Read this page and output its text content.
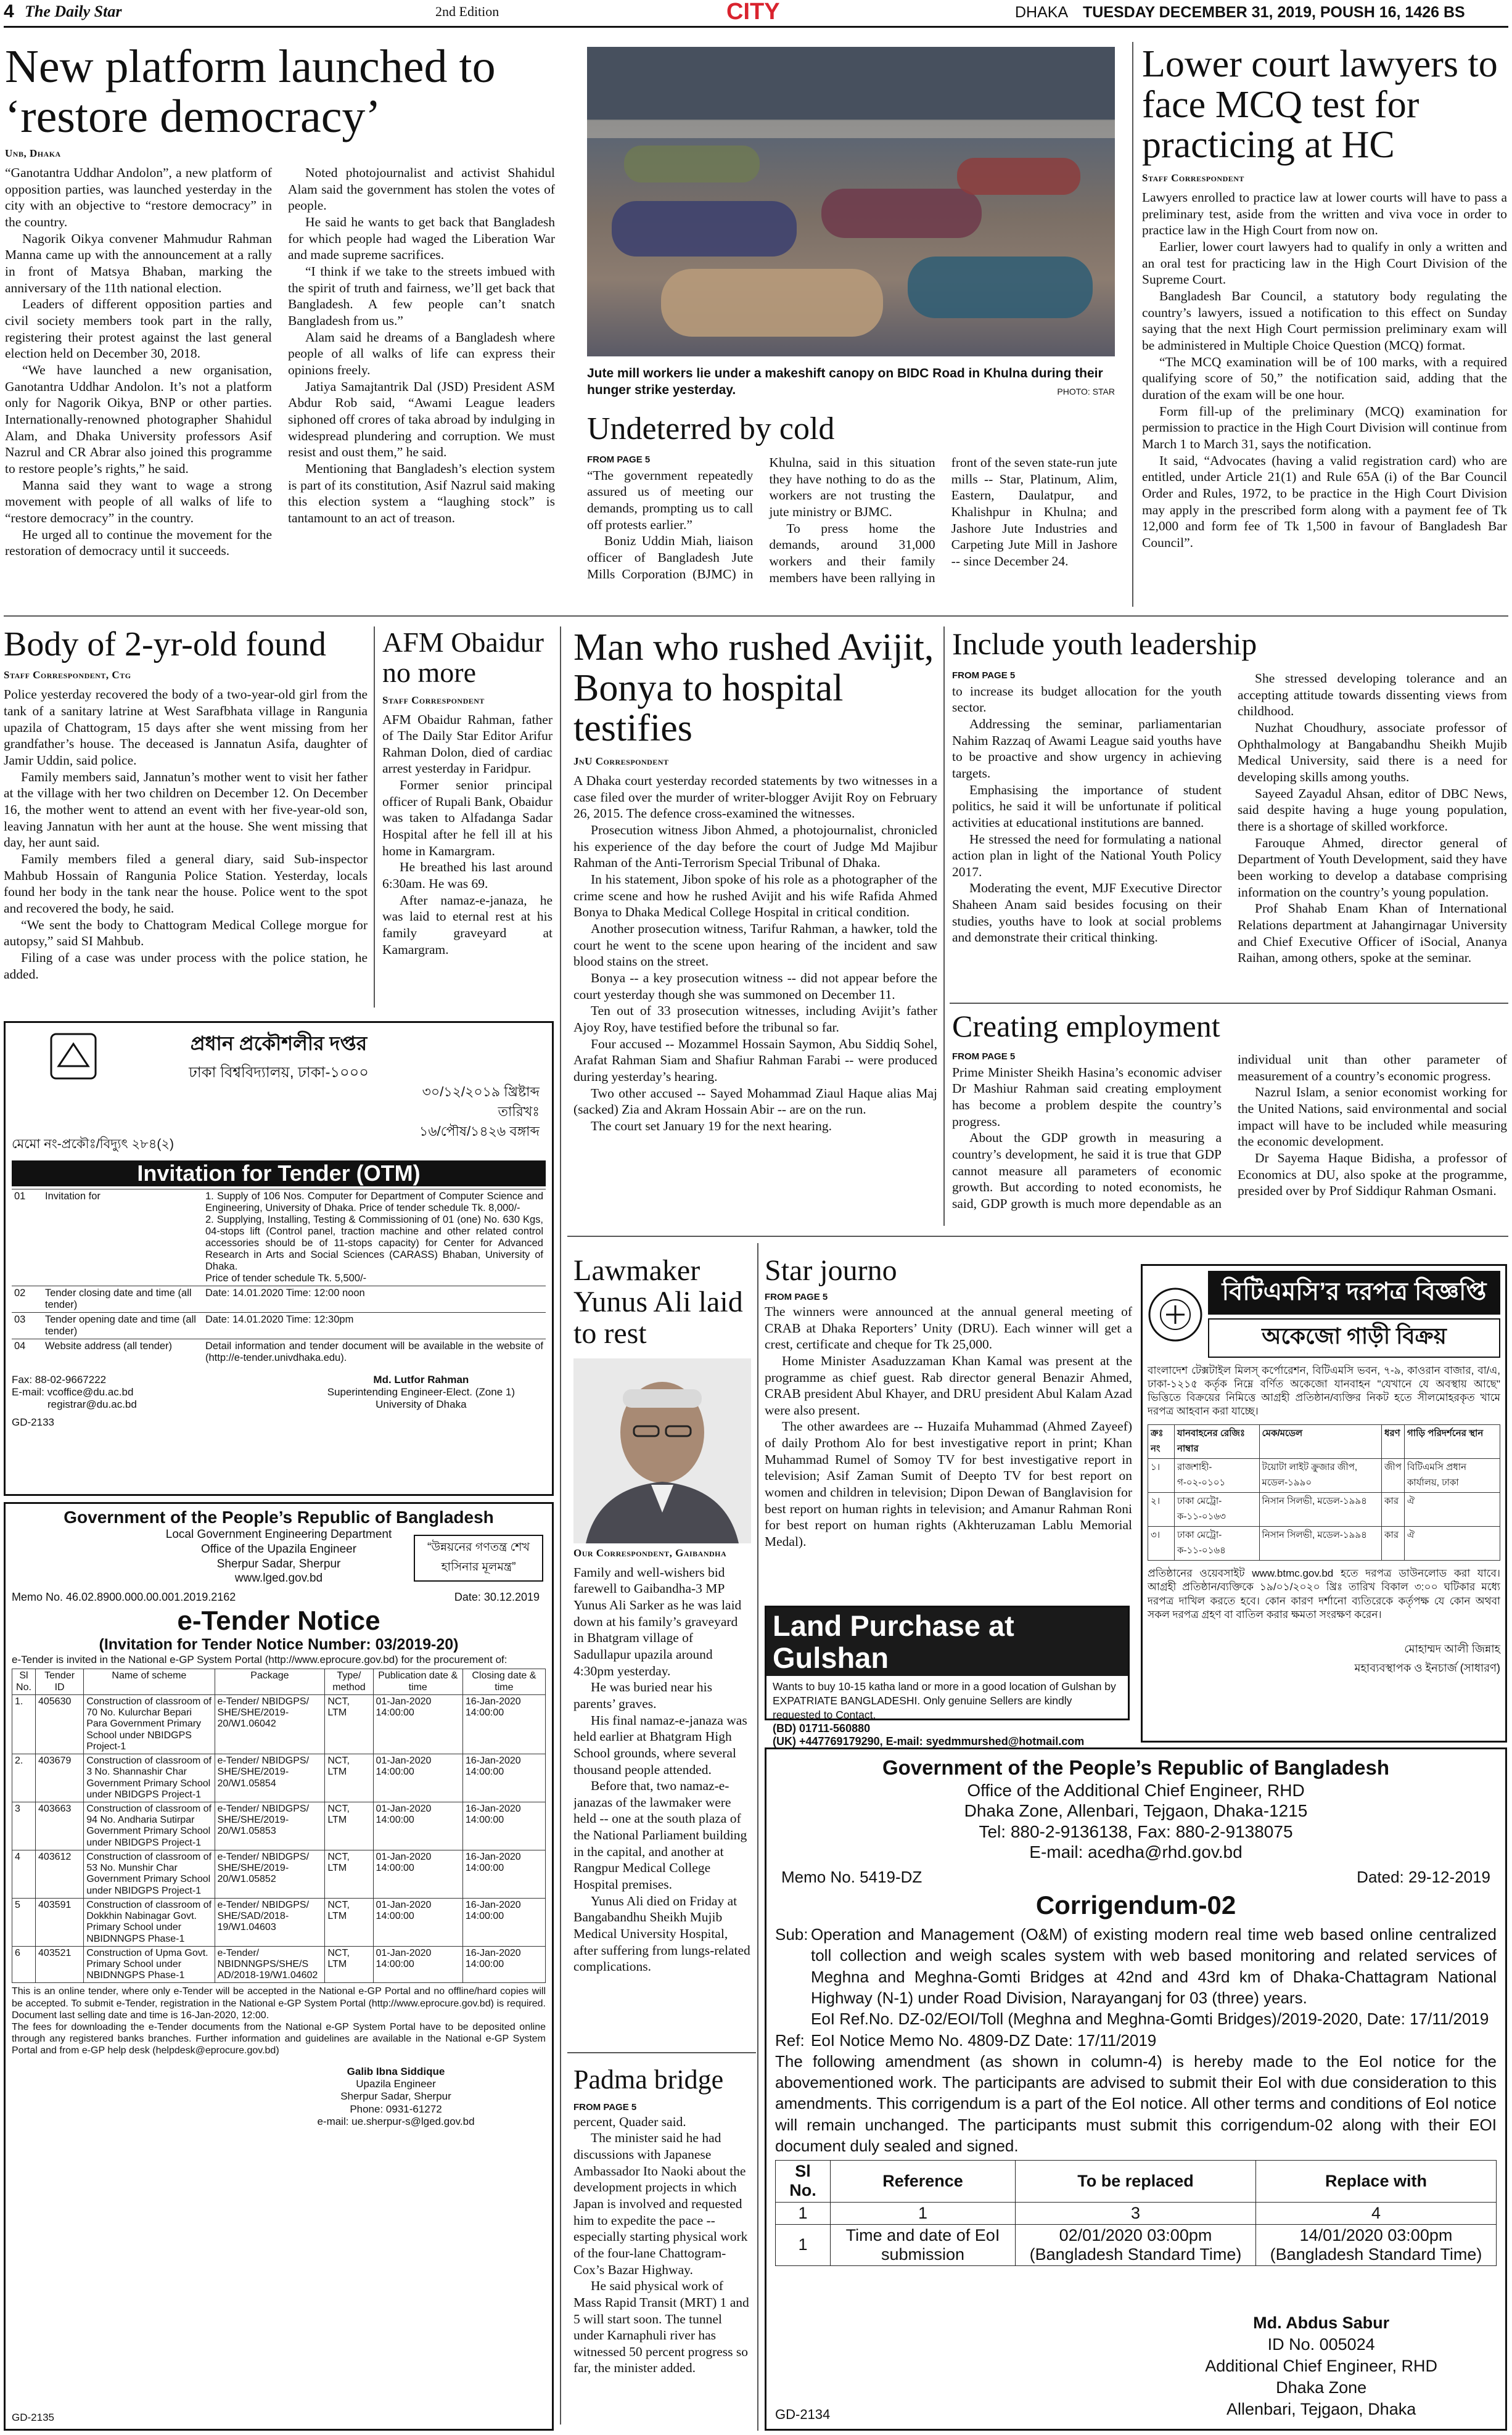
4 The Daily Star	2nd Edition	CITY	DHAKA TUESDAY DECEMBER 31, 2019, POUSH 16, 1426 BS
New platform launched to ‘restore democracy’
Unb, Dhaka

“Ganotantra Uddhar Andolon”, a new platform of opposition parties, was launched yesterday in the city with an objective to “restore democracy” in the country.

Nagorik Oikya convener Mahmudur Rahman Manna came up with the announcement at a rally in front of Matsya Bhaban, marking the anniversary of the 11th national election.

Leaders of different opposition parties and civil society members took part in the rally, registering their protest against the last general election held on December 30, 2018.

“We have launched a new organisation, Ganotantra Uddhar Andolon. It’s not a platform only for Nagorik Oikya, BNP or other parties. Internationally-renowned photographer Shahidul Alam, and Dhaka University professors Asif Nazrul and CR Abrar also joined this programme to restore people’s rights,” he said.

Manna said they want to wage a strong movement with people of all walks of life to “restore democracy” in the country.

He urged all to continue the movement for the restoration of democracy until it succeeds.

Noted photojournalist and activist Shahidul Alam said the government has stolen the votes of people.

He said he wants to get back that Bangladesh for which people had waged the Liberation War and made supreme sacrifices.

“I think if we take to the streets imbued with the spirit of truth and fairness, we’ll get back that Bangladesh. A few people can’t snatch Bangladesh from us.”

Alam said he dreams of a Bangladesh where people of all walks of life can express their opinions freely.

Jatiya Samajtantrik Dal (JSD) President ASM Abdur Rob said, “Awami League leaders siphoned off crores of taka abroad by indulging in widespread plundering and corruption. We must resist and oust them,” he said.

Mentioning that Bangladesh’s election system is part of its constitution, Asif Nazrul said making this election system a “laughing stock” is tantamount to an act of treason.

Jute mill workers lie under a makeshift canopy on BIDC Road in Khulna during their hunger strike yesterday.	PHOTO: STAR
Undeterred by cold
FROM PAGE 5

“The government repeatedly assured us of meeting our demands, prompting us to call off protests earlier.”

Boniz Uddin Miah, liaison officer of Bangladesh Jute Mills Corporation (BJMC) in Khulna, said in this situation they have nothing to do as the workers are not trusting the jute ministry or BJMC.

To press home the demands, around 31,000 workers and their family members have been rallying in front of the seven state-run jute mills -- Star, Platinum, Alim, Eastern, Daulatpur, and Khalishpur in Khulna; and Jashore Jute Industries and Carpeting Jute Mill in Jashore -- since December 24.

Lower court lawyers to face MCQ test for practicing at HC
Staff Correspondent

Lawyers enrolled to practice law at lower courts will have to pass a preliminary test, aside from the written and viva voce in order to practice law in the High Court from now on.

Earlier, lower court lawyers had to qualify in only a written and an oral test for practicing law in the High Court Division of the Supreme Court.

Bangladesh Bar Council, a statutory body regulating the country’s lawyers, issued a notification to this effect on Sunday saying that the next High Court permission preliminary exam will be administered in Multiple Choice Question (MCQ) format.

“The MCQ examination will be of 100 marks, with a required qualifying score of 50,” the notification said, adding that the duration of the exam will be one hour.

Form fill-up of the preliminary (MCQ) examination for permission to practice in the High Court Division will continue from March 1 to March 31, says the notification.

It said, “Advocates (having a valid registration card) who are entitled, under Article 21(1) and Rule 65A (i) of the Bar Council Order and Rules, 1972, to be practice in the High Court Division may apply in the prescribed form along with a payment fee of Tk 12,000 and form fee of Tk 1,500 in favour of Bangladesh Bar Council”.

Body of 2-yr-old found
Staff Correspondent, Ctg

Police yesterday recovered the body of a two-year-old girl from the tank of a sanitary latrine at West Sarafbhata village in Rangunia upazila of Chattogram, 15 days after she went missing from her grandfather’s house. The deceased is Jannatun Asifa, daughter of Jamir Uddin, said police.

Family members said, Jannatun’s mother went to visit her father at the village with her two children on December 12. On December 16, the mother went to attend an event with her five-year-old son, leaving Jannatun with her aunt at the house. She went missing that day, her aunt said.

Family members filed a general diary, said Sub-inspector Mahbub Hossain of Rangunia Police Station. Yesterday, locals found her body in the tank near the house. Police went to the spot and recovered the body, he said.

“We sent the body to Chattogram Medical College morgue for autopsy,” said SI Mahbub.

Filing of a case was under process with the police station, he added.

AFM Obaidur no more
Staff Correspondent

AFM Obaidur Rahman, father of The Daily Star Editor Arifur Rahman Dolon, died of cardiac arrest yesterday in Faridpur.

Former senior principal officer of Rupali Bank, Obaidur was taken to Alfadanga Sadar Hospital after he fell ill at his home in Kamargram.

He breathed his last around 6:30am. He was 69.

After namaz-e-janaza, he was laid to eternal rest at his family graveyard at Kamargram.

Man who rushed Avijit, Bonya to hospital testifies
JnU Correspondent

A Dhaka court yesterday recorded statements by two witnesses in a case filed over the murder of writer-blogger Avijit Roy on February 26, 2015. The defence cross-examined the witnesses.

Prosecution witness Jibon Ahmed, a photojournalist, chronicled his experience of the day before the court of Judge Md Majibur Rahman of the Anti-Terrorism Special Tribunal of Dhaka.

In his statement, Jibon spoke of his role as a photographer of the crime scene and how he rushed Avijit and his wife Rafida Ahmed Bonya to Dhaka Medical College Hospital in critical condition.

Another prosecution witness, Tarifur Rahman, a hawker, told the court he went to the scene upon hearing of the incident and saw blood stains on the street.

Bonya -- a key prosecution witness -- did not appear before the court yesterday though she was summoned on December 11.

Ten out of 33 prosecution witnesses, including Avijit’s father Ajoy Roy, have testified before the tribunal so far.

Four accused -- Mozammel Hossain Saymon, Abu Siddiq Sohel, Arafat Rahman Siam and Shafiur Rahman Farabi -- were produced during yesterday’s hearing.

Two other accused -- Sayed Mohammad Ziaul Haque alias Maj (sacked) Zia and Akram Hossain Abir -- are on the run.

The court set January 19 for the next hearing.

Include youth leadership
FROM PAGE 5

to increase its budget allocation for the youth sector.

Addressing the seminar, parliamentarian Nahim Razzaq of Awami League said youths have to be proactive and show urgency in achieving targets.

Emphasising the importance of student politics, he said it will be unfortunate if political activities at educational institutions are banned.

He stressed the need for formulating a national action plan in light of the National Youth Policy 2017.

Moderating the event, MJF Executive Director Shaheen Anam said besides focusing on their studies, youths have to look at social problems and demonstrate their critical thinking.

She stressed developing tolerance and an accepting attitude towards dissenting views from childhood.

Nuzhat Choudhury, associate professor of Ophthalmology at Bangabandhu Sheikh Mujib Medical University, said there is a need for developing skills among youths.

Sayeed Zayadul Ahsan, editor of DBC News, said despite having a huge young population, there is a shortage of skilled workforce.

Farouque Ahmed, director general of Department of Youth Development, said they have been working to develop a database comprising information on the country’s young population.

Prof Shahab Enam Khan of International Relations department at Jahangirnagar University and Chief Executive Officer of iSocial, Ananya Raihan, among others, spoke at the seminar.

Creating employment
FROM PAGE 5

Prime Minister Sheikh Hasina’s economic adviser Dr Mashiur Rahman said creating employment has become a problem despite the country’s progress.

About the GDP growth in measuring a country’s development, he said it is true that GDP cannot measure all parameters of economic growth. But according to noted economists, he said, GDP growth is much more dependable as an individual unit than other parameter of measurement of a country’s economic progress.

Nazrul Islam, a senior economist working for the United Nations, said environmental and social impact will have to be included while measuring the economic development.

Dr Sayema Haque Bidisha, a professor of Economics at DU, also spoke at the programme, presided over by Prof Siddiqur Rahman Osmani.

Lawmaker Yunus Ali laid to rest
Our Correspondent, Gaibandha

Family and well-wishers bid farewell to Gaibandha-3 MP Yunus Ali Sarker as he was laid down at his family’s graveyard in Bhatgram village of Sadullapur upazila around 4:30pm yesterday.

He was buried near his parents’ graves.

His final namaz-e-janaza was held earlier at Bhatgram High School grounds, where several thousand people attended.

Before that, two namaz-e-janazas of the lawmaker were held -- one at the south plaza of the National Parliament building in the capital, and another at Rangpur Medical College Hospital premises.

Yunus Ali died on Friday at Bangabandhu Sheikh Mujib Medical University Hospital, after suffering from lungs-related complications.

Padma bridge
FROM PAGE 5

percent, Quader said.

The minister said he had discussions with Japanese Ambassador Ito Naoki about the development projects in which Japan is involved and requested him to expedite the pace -- especially starting physical work of the four-lane Chattogram-Cox’s Bazar Highway.

He said physical work of Mass Rapid Transit (MRT) 1 and 5 will start soon. The tunnel under Karnaphuli river has witnessed 50 percent progress so far, the minister added.

Star journo
FROM PAGE 5

The winners were announced at the annual general meeting of CRAB at Dhaka Reporters’ Unity (DRU). Each winner will get a crest, certificate and cheque for Tk 25,000.

Home Minister Asaduzzaman Khan Kamal was present at the programme as chief guest. Rab director general Benazir Ahmed, CRAB president Abul Khayer, and DRU president Abul Kalam Azad were also present.

The other awardees are -- Huzaifa Muhammad (Ahmed Zayeef) of daily Prothom Alo for best investigative report in print; Khan Muhammad Rumel of Somoy TV for best investigative report in television; Asif Zaman Sumit of Deepto TV for best report on women and children in television; Dipon Dewan of Banglavision for best report on human rights in television; and Amanur Rahman Roni for best report on human rights (Akhteruzaman Lablu Memorial Medal).

Land Purchase at Gulshan
Wants to buy 10-15 katha land or more in a good location of Gulshan by EXPATRIATE BANGLADESHI. Only genuine Sellers are kindly requested to Contact.
(BD) 01711-560880
(UK) +447769179290, E-mail: syedmmurshed@hotmail.com
বিটিএমসি’র দরপত্র বিজ্ঞপ্তি
অকেজো গাড়ী বিক্রয়
বাংলাদেশ টেক্সটাইল মিলস্ কর্পোরেশন, বিটিএমসি ভবন, ৭-৯, কাওরান বাজার, বা/এ, ঢাকা-১২১৫ কর্তৃক নিম্নে বর্ণিত অকেজো যানবাহন "যেখানে যে অবস্থায় আছে" ভিত্তিতে বিক্রয়ের নিমিত্তে আগ্রহী প্রতিষ্ঠান/ব্যক্তির নিকট হতে সীলমোহরকৃত খামে দরপত্র আহবান করা যাচ্ছে।
ক্রঃ নং	যানবাহনের রেজিঃ নাম্বার	মেক/মডেল	ধরণ	গাড়ি পরিদর্শনের স্থান
১।	রাজশাহী-গ-০২-০১০১	টয়োটা লাইট ক্রুজার জীপ, মডেল-১৯৯০	জীপ	বিটিএমসি প্রধান কার্যালয়, ঢাকা
২।	ঢাকা মেট্রো-ক-১১-০১৬৩	নিসান সিলভী, মডেল-১৯৯৪	কার	ঐ
৩।	ঢাকা মেট্রো-ক-১১-০১৬৪	নিসান সিলভী, মডেল-১৯৯৪	কার	ঐ
প্রতিষ্ঠানের ওয়েবসাইট www.btmc.gov.bd হতে দরপত্র ডাউনলোড করা যাবে। আগ্রহী প্রতিষ্ঠান/ব্যক্তিকে ১৯/০১/২০২০ খ্রিঃ তারিখ বিকাল ৩:০০ ঘটিকার মধ্যে দরপত্র দাখিল করতে হবে। কোন কারণ দর্শানো ব্যতিরেকে কর্তৃপক্ষ যে কোন অথবা সকল দরপত্র গ্রহণ বা বাতিল করার ক্ষমতা সংরক্ষণ করেন।
মোহাম্মদ আলী জিন্নাহ
মহাব্যবস্থাপক ও ইনচার্জ (সাধারণ)
Government of the People’s Republic of Bangladesh
Office of the Additional Chief Engineer, RHD
Dhaka Zone, Allenbari, Tejgaon, Dhaka-1215
Tel: 880-2-9136138, Fax: 880-2-9138075
E-mail: acedha@rhd.gov.bd
Memo No. 5419-DZ	Dated: 29-12-2019
Corrigendum-02
Sub: Operation and Management (O&M) of existing modern real time web based online centralized toll collection and weigh scales system with web based monitoring and related services of Meghna and Meghna-Gomti Bridges at 42nd and 43rd km of Dhaka-Chattagram National Highway (N-1) under Road Division, Narayanganj for 03 (three) years.
EoI Ref.No. DZ-02/EOI/Toll (Meghna and Meghna-Gomti Bridges)/2019-2020, Date: 17/11/2019
Ref: EoI Notice Memo No. 4809-DZ Date: 17/11/2019
The following amendment (as shown in column-4) is hereby made to the EoI notice for the abovementioned work. The participants are advised to submit their EoI with due consideration to this amendments. This corrigendum is a part of the EoI notice. All other terms and conditions of EoI notice will remain unchanged. The participants must submit this corrigendum-02 along with their EOI document duly sealed and signed.
Sl No.	Reference	To be replaced	Replace with
1	1	3	4
1	Time and date of EoI submission	02/01/2020 03:00pm (Bangladesh Standard Time)	14/01/2020 03:00pm (Bangladesh Standard Time)
Md. Abdus Sabur
ID No. 005024
Additional Chief Engineer, RHD
Dhaka Zone
Allenbari, Tejgaon, Dhaka
GD-2134
প্রধান প্রকৌশলীর দপ্তর
ঢাকা বিশ্ববিদ্যালয়, ঢাকা-১০০০
৩০/১২/২০১৯ খ্রিষ্টাব্দ
তারিখঃ
১৬/পৌষ/১৪২৬ বঙ্গাব্দ
মেমো নং-প্রকৌঃ/বিদ্যুৎ ২৮৪(২)
Invitation for Tender (OTM)
01	Invitation for	1. Supply of 106 Nos. Computer for Department of Computer Science and Engineering, University of Dhaka. Price of tender schedule Tk. 8,000/-
2. Supplying, Installing, Testing & Commissioning of 01 (one) No. 630 Kgs, 04-stops lift (Control panel, traction machine and other related control accessories should be of 11-stops capacity) for Center for Advanced Research in Arts and Social Sciences (CARASS) Bhaban, University of Dhaka.
Price of tender schedule Tk. 5,500/-
02	Tender closing date and time (all tender)	Date: 14.01.2020 Time: 12:00 noon
03	Tender opening date and time (all tender)	Date: 14.01.2020 Time: 12:30pm
04	Website address (all tender)	Detail information and tender document will be available in the website of (http://e-tender.univdhaka.edu).
Fax: 88-02-9667222
E-mail: vcoffice@du.ac.bd
registrar@du.ac.bd
GD-2133
Md. Lutfor Rahman
Superintending Engineer-Elect. (Zone 1)
University of Dhaka
Government of the People’s Republic of Bangladesh
Local Government Engineering Department
Office of the Upazila Engineer
Sherpur Sadar, Sherpur
www.lged.gov.bd
“উন্নয়নের গণতন্ত্র শেখ হাসিনার মূলমন্ত্র”
Memo No. 46.02.8900.000.00.001.2019.2162	Date: 30.12.2019
e-Tender Notice
(Invitation for Tender Notice Number: 03/2019-20)
e-Tender is invited in the National e-GP System Portal (http://www.eprocure.gov.bd) for the procurement of:
Sl No.	Tender ID	Name of scheme	Package	Type/ method	Publication date & time	Closing date & time
1.	405630	Construction of classroom of 70 No. Kulurchar Bepari Para Government Primary School under NBIDGPS Project-1	e-Tender/ NBIDGPS/ SHE/SHE/2019-20/W1.06042	NCT, LTM	01-Jan-2020 14:00:00	16-Jan-2020 14:00:00
2.	403679	Construction of classroom of 3 No. Shannashir Char Government Primary School under NBIDGPS Project-1	e-Tender/ NBIDGPS/ SHE/SHE/2019-20/W1.05854	NCT, LTM	01-Jan-2020 14:00:00	16-Jan-2020 14:00:00
3	403663	Construction of classroom of 94 No. Andharia Sutirpar Government Primary School under NBIDGPS Project-1	e-Tender/ NBIDGPS/ SHE/SHE/2019-20/W1.05853	NCT, LTM	01-Jan-2020 14:00:00	16-Jan-2020 14:00:00
4	403612	Construction of classroom of 53 No. Munshir Char Government Primary School under NBIDGPS Project-1	e-Tender/ NBIDGPS/ SHE/SHE/2019-20/W1.05852	NCT, LTM	01-Jan-2020 14:00:00	16-Jan-2020 14:00:00
5	403591	Construction of classroom of Dokkhin Nabinagar Govt. Primary School under NBIDNNGPS Phase-1	e-Tender/ NBIDGPS/ SHE/SAD/2018-19/W1.04603	NCT, LTM	01-Jan-2020 14:00:00	16-Jan-2020 14:00:00
6	403521	Construction of Upma Govt. Primary School under NBIDNNGPS Phase-1	e-Tender/ NBIDNNGPS/SHE/S AD/2018-19/W1.04602	NCT, LTM	01-Jan-2020 14:00:00	16-Jan-2020 14:00:00
This is an online tender, where only e-Tender will be accepted in the National e-GP Portal and no offline/hard copies will be accepted. To submit e-Tender, registration in the National e-GP System Portal (http://www.eprocure.gov.bd) is required. Document last selling date and time is 16-Jan-2020, 12:00.
The fees for downloading the e-Tender documents from the National e-GP System Portal have to be deposited online through any registered banks branches. Further information and guidelines are available in the National e-GP System Portal and from e-GP help desk (helpdesk@eprocure.gov.bd)
Galib Ibna Siddique
Upazila Engineer
Sherpur Sadar, Sherpur
Phone: 0931-61272
e-mail: ue.sherpur-s@lged.gov.bd
GD-2135
